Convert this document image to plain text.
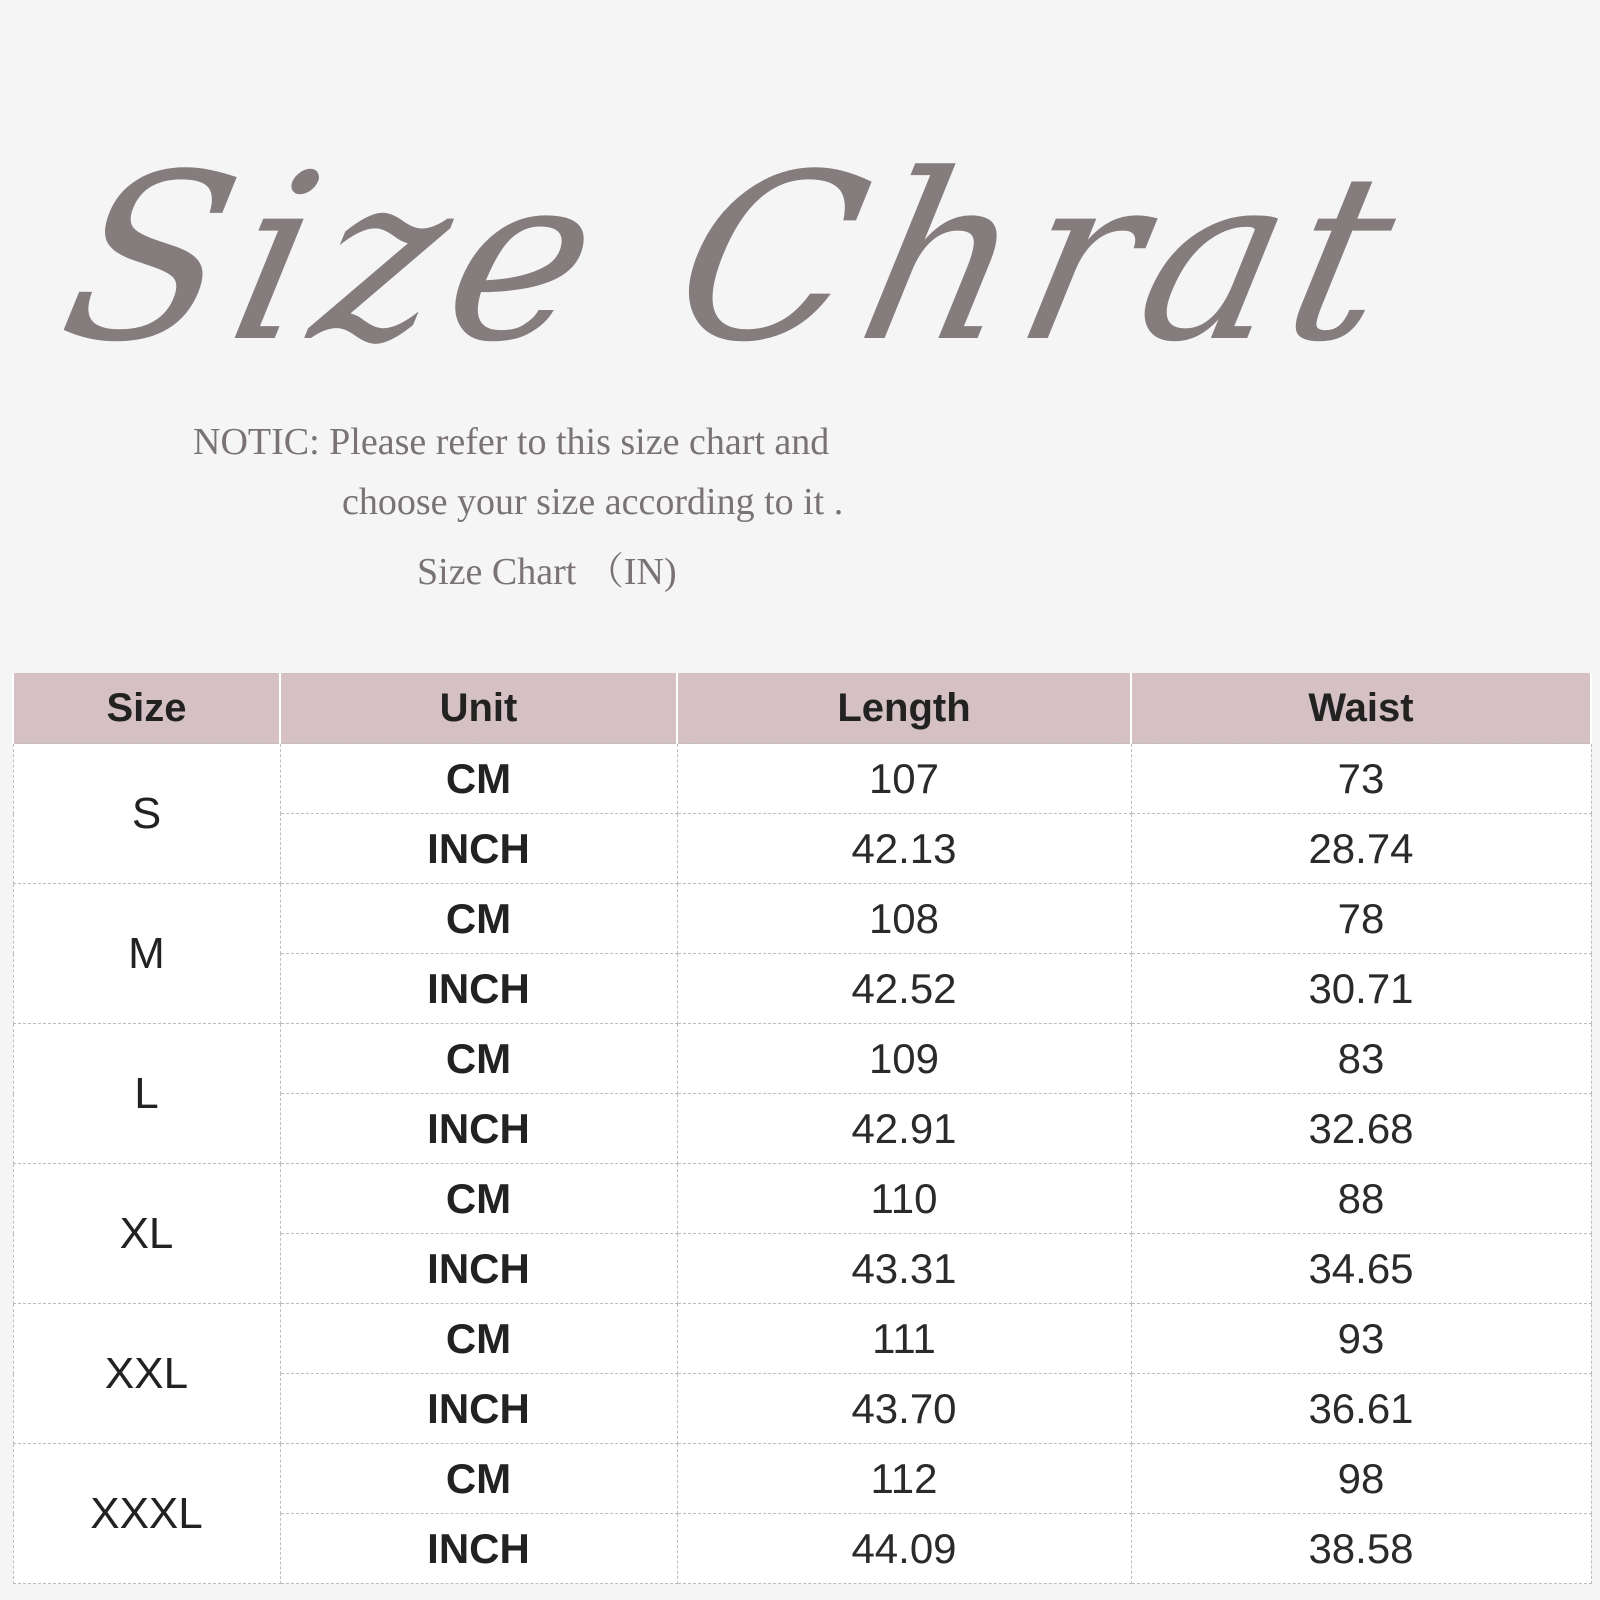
Size Chrat
NOTIC: Please refer to this size chart and
choose your size according to it .
Size Chart （IN)
Size	Unit	Length	Waist
S	CM	107	73
	INCH	42.13	28.74
M	CM	108	78
	INCH	42.52	30.71
L	CM	109	83
	INCH	42.91	32.68
XL	CM	110	88
	INCH	43.31	34.65
XXL	CM	111	93
	INCH	43.70	36.61
XXXL	CM	112	98
	INCH	44.09	38.58
